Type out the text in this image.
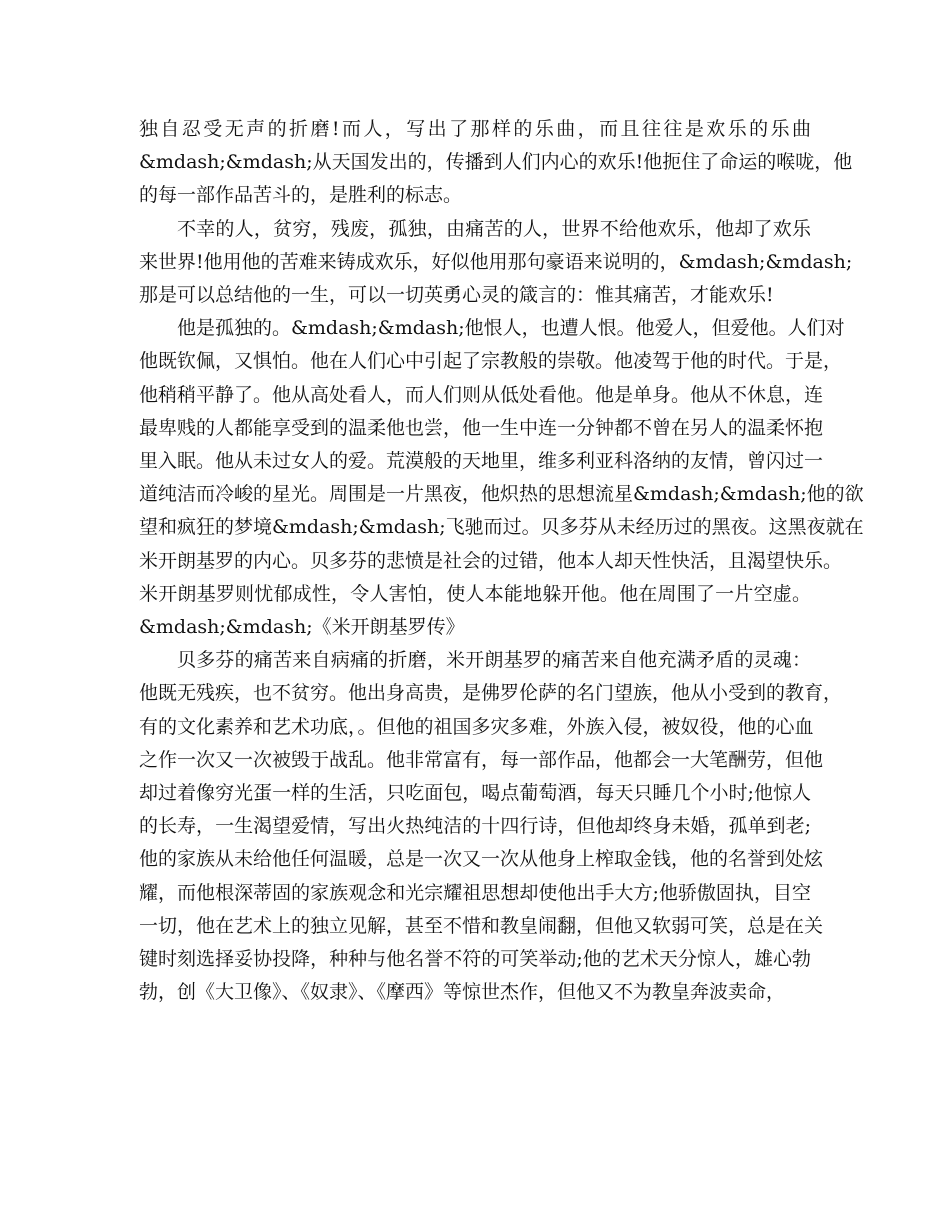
独自忍受无声的折磨!而人，写出了那样的乐曲，而且往往是欢乐的乐曲
&mdash;&mdash;从天国发出的，传播到人们内心的欢乐!他扼住了命运的喉咙，他
的每一部作品苦斗的，是胜利的标志。
不幸的人，贫穷，残废，孤独，由痛苦的人，世界不给他欢乐，他却了欢乐
来世界!他用他的苦难来铸成欢乐，好似他用那句豪语来说明的，&mdash;&mdash;
那是可以总结他的一生，可以一切英勇心灵的箴言的：惟其痛苦，才能欢乐!
他是孤独的。&mdash;&mdash;他恨人，也遭人恨。他爱人，但爱他。人们对
他既钦佩，又惧怕。他在人们心中引起了宗教般的崇敬。他凌驾于他的时代。于是，
他稍稍平静了。他从高处看人，而人们则从低处看他。他是单身。他从不休息，连
最卑贱的人都能享受到的温柔他也尝，他一生中连一分钟都不曾在另人的温柔怀抱
里入眠。他从未过女人的爱。荒漠般的天地里，维多利亚科洛纳的友情，曾闪过一
道纯洁而冷峻的星光。周围是一片黑夜，他炽热的思想流星&mdash;&mdash;他的欲
望和疯狂的梦境&mdash;&mdash;飞驰而过。贝多芬从未经历过的黑夜。这黑夜就在
米开朗基罗的内心。贝多芬的悲愤是社会的过错，他本人却天性快活，且渴望快乐。
米开朗基罗则忧郁成性，令人害怕，使人本能地躲开他。他在周围了一片空虚。
&mdash;&mdash;《米开朗基罗传》
贝多芬的痛苦来自病痛的折磨，米开朗基罗的痛苦来自他充满矛盾的灵魂：
他既无残疾，也不贫穷。他出身高贵，是佛罗伦萨的名门望族，他从小受到的教育，
有的文化素养和艺术功底，。但他的祖国多灾多难，外族入侵，被奴役，他的心血
之作一次又一次被毁于战乱。他非常富有，每一部作品，他都会一大笔酬劳，但他
却过着像穷光蛋一样的生活，只吃面包，喝点葡萄酒，每天只睡几个小时;他惊人
的长寿，一生渴望爱情，写出火热纯洁的十四行诗，但他却终身未婚，孤单到老;
他的家族从未给他任何温暖，总是一次又一次从他身上榨取金钱，他的名誉到处炫
耀，而他根深蒂固的家族观念和光宗耀祖思想却使他出手大方;他骄傲固执，目空
一切，他在艺术上的独立见解，甚至不惜和教皇闹翻，但他又软弱可笑，总是在关
键时刻选择妥协投降，种种与他名誉不符的可笑举动;他的艺术天分惊人，雄心勃
勃，创《大卫像》、《奴隶》、《摩西》等惊世杰作，但他又不为教皇奔波卖命，
